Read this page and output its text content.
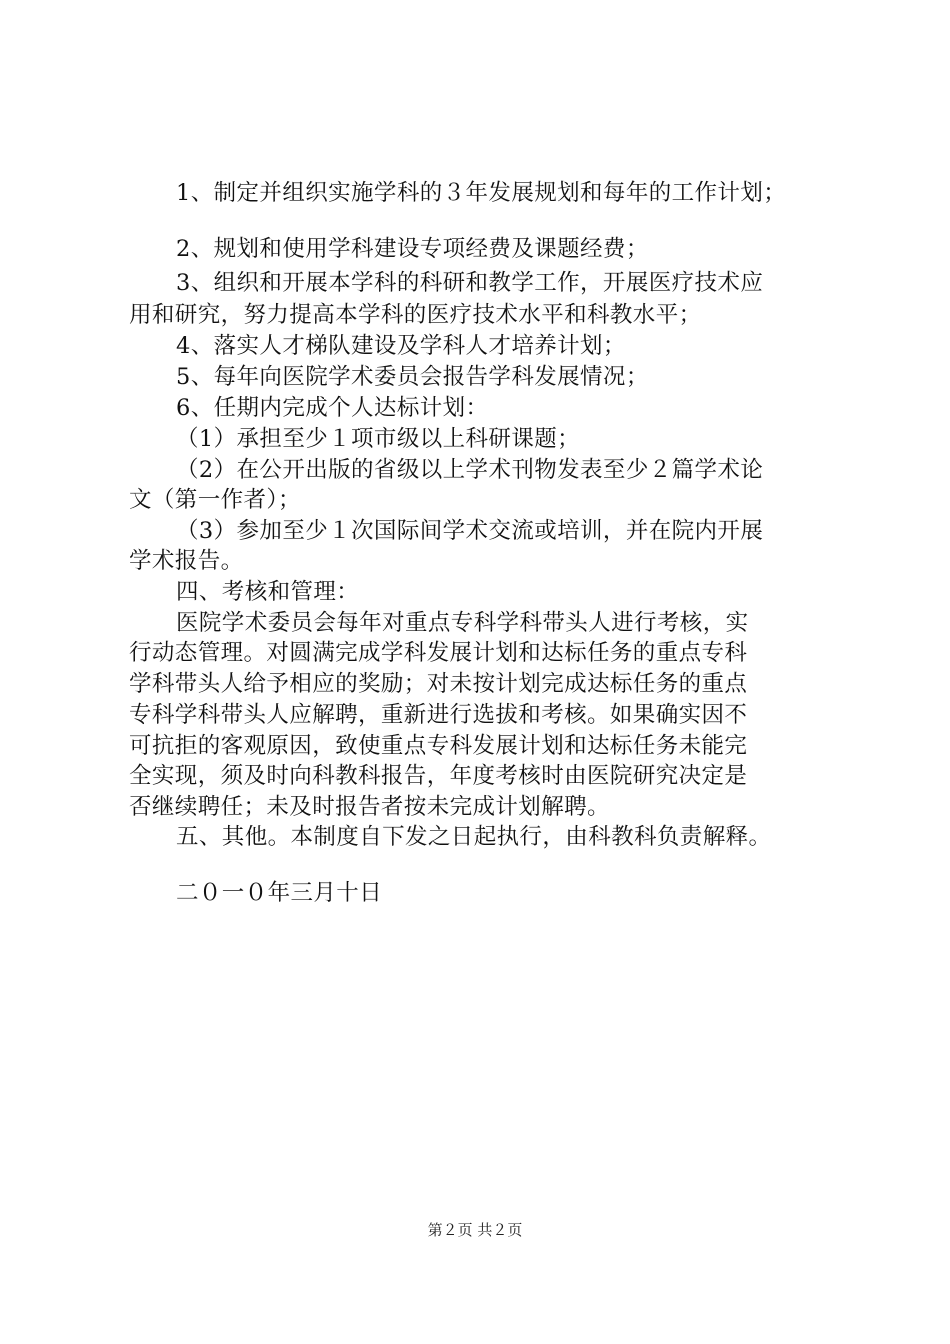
1、制定并组织实施学科的３年发展规划和每年的工作计划；
2、规划和使用学科建设专项经费及课题经费；
3、组织和开展本学科的科研和教学工作，开展医疗技术应
用和研究，努力提高本学科的医疗技术水平和科教水平；
4、落实人才梯队建设及学科人才培养计划；
5、每年向医院学术委员会报告学科发展情况；
6、任期内完成个人达标计划：
（1）承担至少１项市级以上科研课题；
（2）在公开出版的省级以上学术刊物发表至少２篇学术论
文（第一作者）；
（3）参加至少１次国际间学术交流或培训，并在院内开展
学术报告。
四、考核和管理：
医院学术委员会每年对重点专科学科带头人进行考核，实
行动态管理。对圆满完成学科发展计划和达标任务的重点专科
学科带头人给予相应的奖励；对未按计划完成达标任务的重点
专科学科带头人应解聘，重新进行选拔和考核。如果确实因不
可抗拒的客观原因，致使重点专科发展计划和达标任务未能完
全实现，须及时向科教科报告，年度考核时由医院研究决定是
否继续聘任；未及时报告者按未完成计划解聘。
五、其他。本制度自下发之日起执行，由科教科负责解释。
二０一０年三月十日
第２页 共２页
